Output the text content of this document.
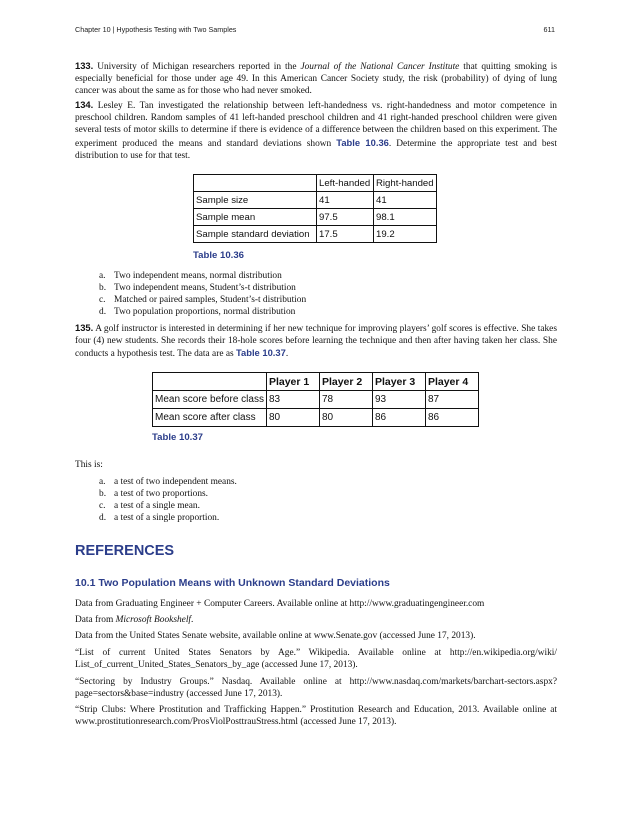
Chapter 10 | Hypothesis Testing with Two Samples	611

133. University of Michigan researchers reported in the Journal of the National Cancer Institute that quitting smoking is especially beneficial for those under age 49. In this American Cancer Society study, the risk (probability) of dying of lung cancer was about the same as for those who had never smoked.

134. Lesley E. Tan investigated the relationship between left-handedness vs. right-handedness and motor competence in preschool children. Random samples of 41 left-handed preschool children and 41 right-handed preschool children were given several tests of motor skills to determine if there is evidence of a difference between the children based on this experiment. The experiment produced the means and standard deviations shown Table 10.36. Determine the appropriate test and best distribution to use for that test.

	Left-handed	Right-handed
Sample size	41	41
Sample mean	97.5	98.1
Sample standard deviation	17.5	19.2
Table 10.36
a. Two independent means, normal distribution
b. Two independent means, Student’s-t distribution
c. Matched or paired samples, Student’s-t distribution
d. Two population proportions, normal distribution

135. A golf instructor is interested in determining if her new technique for improving players’ golf scores is effective. She takes four (4) new students. She records their 18-hole scores before learning the technique and then after having taken her class. She conducts a hypothesis test. The data are as Table 10.37.

	Player 1	Player 2	Player 3	Player 4
Mean score before class	83	78	93	87
Mean score after class	80	80	86	86
Table 10.37
This is:
a. a test of two independent means.
b. a test of two proportions.
c. a test of a single mean.
d. a test of a single proportion.
REFERENCES
10.1 Two Population Means with Unknown Standard Deviations

Data from Graduating Engineer + Computer Careers. Available online at http://www.graduatingengineer.com

Data from Microsoft Bookshelf.

Data from the United States Senate website, available online at www.Senate.gov (accessed June 17, 2013).

“List of current United States Senators by Age.” Wikipedia. Available online at http://en.wikipedia.org/wiki/ List_of_current_United_States_Senators_by_age (accessed June 17, 2013).

“Sectoring by Industry Groups.” Nasdaq. Available online at http://www.nasdaq.com/markets/barchart-sectors.aspx?page=sectors&base=industry (accessed June 17, 2013).

“Strip Clubs: Where Prostitution and Trafficking Happen.” Prostitution Research and Education, 2013. Available online at www.prostitutionresearch.com/ProsViolPosttrauStress.html (accessed June 17, 2013).
